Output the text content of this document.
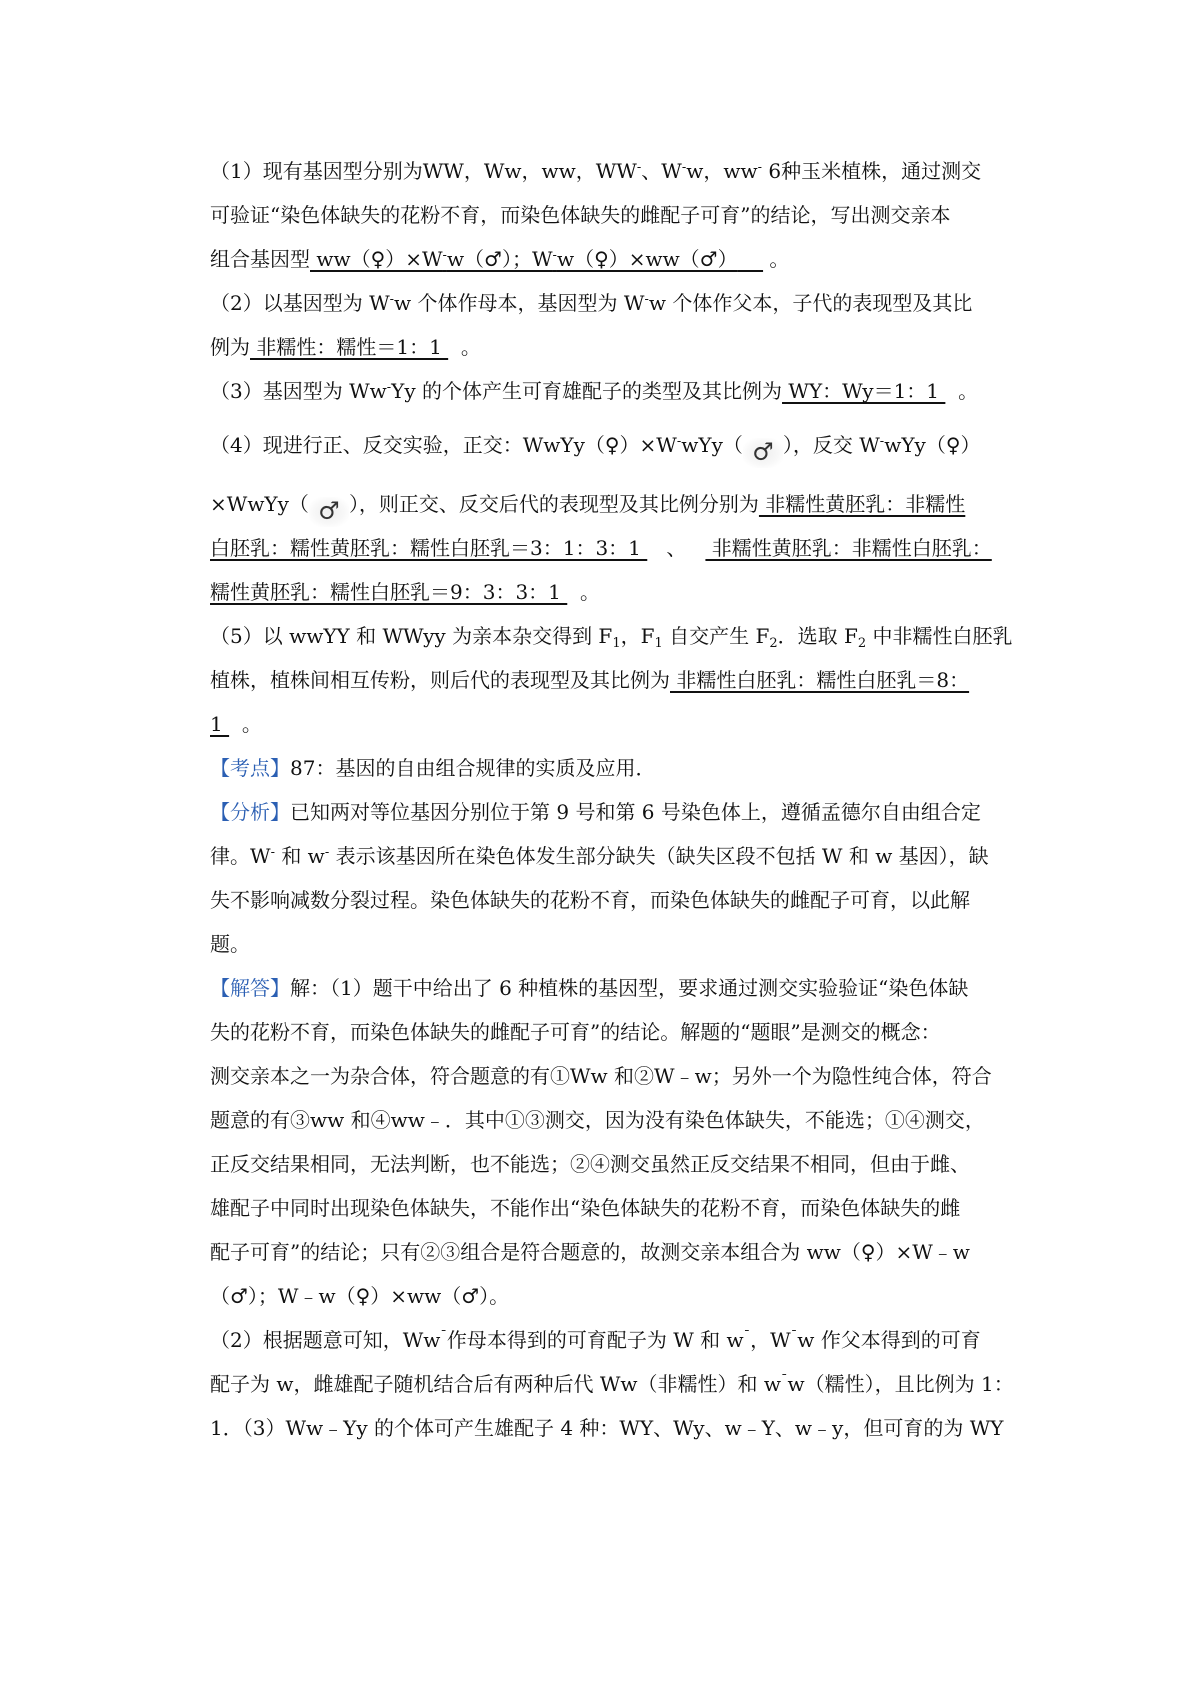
（1）现有基因型分别为WW，Ww，ww，WW-、W-w，ww- 6种玉米植株，通过测交
可验证“染色体缺失的花粉不育，而染色体缺失的雌配子可育”的结论，写出测交亲本
组合基因型 ww（♀）×W-w（♂）；W-w（♀）×ww（♂） 。
（2）以基因型为 W-w 个体作母本，基因型为 W-w 个体作父本，子代的表现型及其比
例为 非糯性：糯性＝1：1   。
（3）基因型为 Ww-Yy 的个体产生可育雄配子的类型及其比例为 WY：Wy＝1：1   。
（4）现进行正、反交实验，正交：WwYy（♀）×W-wYy（ ♂ ），反交 W-wYy（♀）
×WwYy（ ♂ ），则正交、反交后代的表现型及其比例分别为 非糯性黄胚乳：非糯性
白胚乳：糯性黄胚乳：糯性白胚乳＝3：1：3：1    、    非糯性黄胚乳：非糯性白胚乳：
糯性黄胚乳：糯性白胚乳＝9：3：3：1   。
（5）以 wwYY 和 WWyy 为亲本杂交得到 $F_1$，$F_1$ 自交产生 $F_2$．选取 $F_2$ 中非糯性白胚乳
植株，植株间相互传粉，则后代的表现型及其比例为 非糯性白胚乳：糯性白胚乳＝8：
1   。
【考点】87：基因的自由组合规律的实质及应用．
【分析】已知两对等位基因分别位于第 9 号和第 6 号染色体上，遵循孟德尔自由组合定
律。W- 和 w- 表示该基因所在染色体发生部分缺失（缺失区段不包括 W 和 w 基因），缺
失不影响减数分裂过程。染色体缺失的花粉不育，而染色体缺失的雌配子可育，以此解
题。
【解答】解：（1）题干中给出了 6 种植株的基因型，要求通过测交实验验证“染色体缺
失的花粉不育，而染色体缺失的雌配子可育”的结论。解题的“题眼”是测交的概念：
测交亲本之一为杂合体，符合题意的有①Ww 和②W﹣w；另外一个为隐性纯合体，符合
题意的有③ww 和④ww﹣．其中①③测交，因为没有染色体缺失，不能选；①④测交，
正反交结果相同，无法判断，也不能选；②④测交虽然正反交结果不相同，但由于雌、
雄配子中同时出现染色体缺失，不能作出“染色体缺失的花粉不育，而染色体缺失的雌
配子可育”的结论；只有②③组合是符合题意的，故测交亲本组合为 ww（♀）×W﹣w
（♂）；W﹣w（♀）×ww（♂）。
（2）根据题意可知，Ww¯作母本得到的可育配子为 W 和 w¯，W¯w 作父本得到的可育
配子为 w，雌雄配子随机结合后有两种后代 Ww（非糯性）和 w¯w（糯性），且比例为 1：
1．（3）Ww﹣Yy 的个体可产生雄配子 4 种：WY、Wy、w﹣Y、w﹣y，但可育的为 WY
